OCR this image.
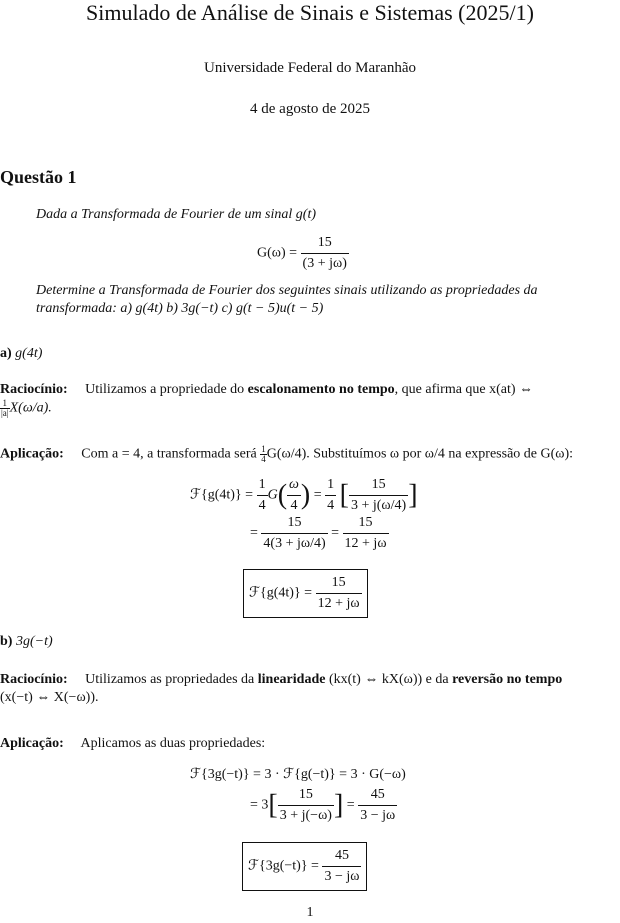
Simulado de Análise de Sinais e Sistemas (2025/1)
Universidade Federal do Maranhão
4 de agosto de 2025
Questão 1
Dada a Transformada de Fourier de um sinal g(t)
$G(\omega) = \frac{15}{(3 + j\omega)}$
Determine a Transformada de Fourier dos seguintes sinais utilizando as propriedades da transformada: a) g(4t) b) 3g(−t) c) g(t − 5)u(t − 5)
a) g(4t)
Raciocínio: Utilizamos a propriedade do escalonamento no tempo, que afirma que x(at) ⇔
$\frac{1}{|a|} X(\omega/a)$.
Aplicação: Com a = 4, a transformada será $\frac{1}{4} G(\omega/4)$. Substituímos ω por ω/4 na expressão de G(ω):
ℱ{g(4t)} = $\frac{1}{4} G( \frac{\omega}{4}$ ) = $\frac{1}{4}$ [ $\frac{15}{3 + j(\omega/4)}$ ]
= $\frac{15}{4(3 + j\omega/4)} = \frac{15}{12 + j\omega}$
ℱ{g(4t)} = $\frac{15}{12 + j\omega}$
b) 3g(−t)
Raciocínio: Utilizamos as propriedades da linearidade (kx(t) ⇔ kX(ω)) e da reversão no tempo
(x(−t) ⇔ X(−ω)).
Aplicação: Aplicamos as duas propriedades:
ℱ{3g(−t)} = 3 · ℱ{g(−t)} = 3 · G(−ω)
= $3[ \frac{15}{3 + j(-\omega)}$ ] = $\frac{45}{3 - j\omega}$
ℱ{3g(−t)} = $\frac{45}{3 - j\omega}$
1
